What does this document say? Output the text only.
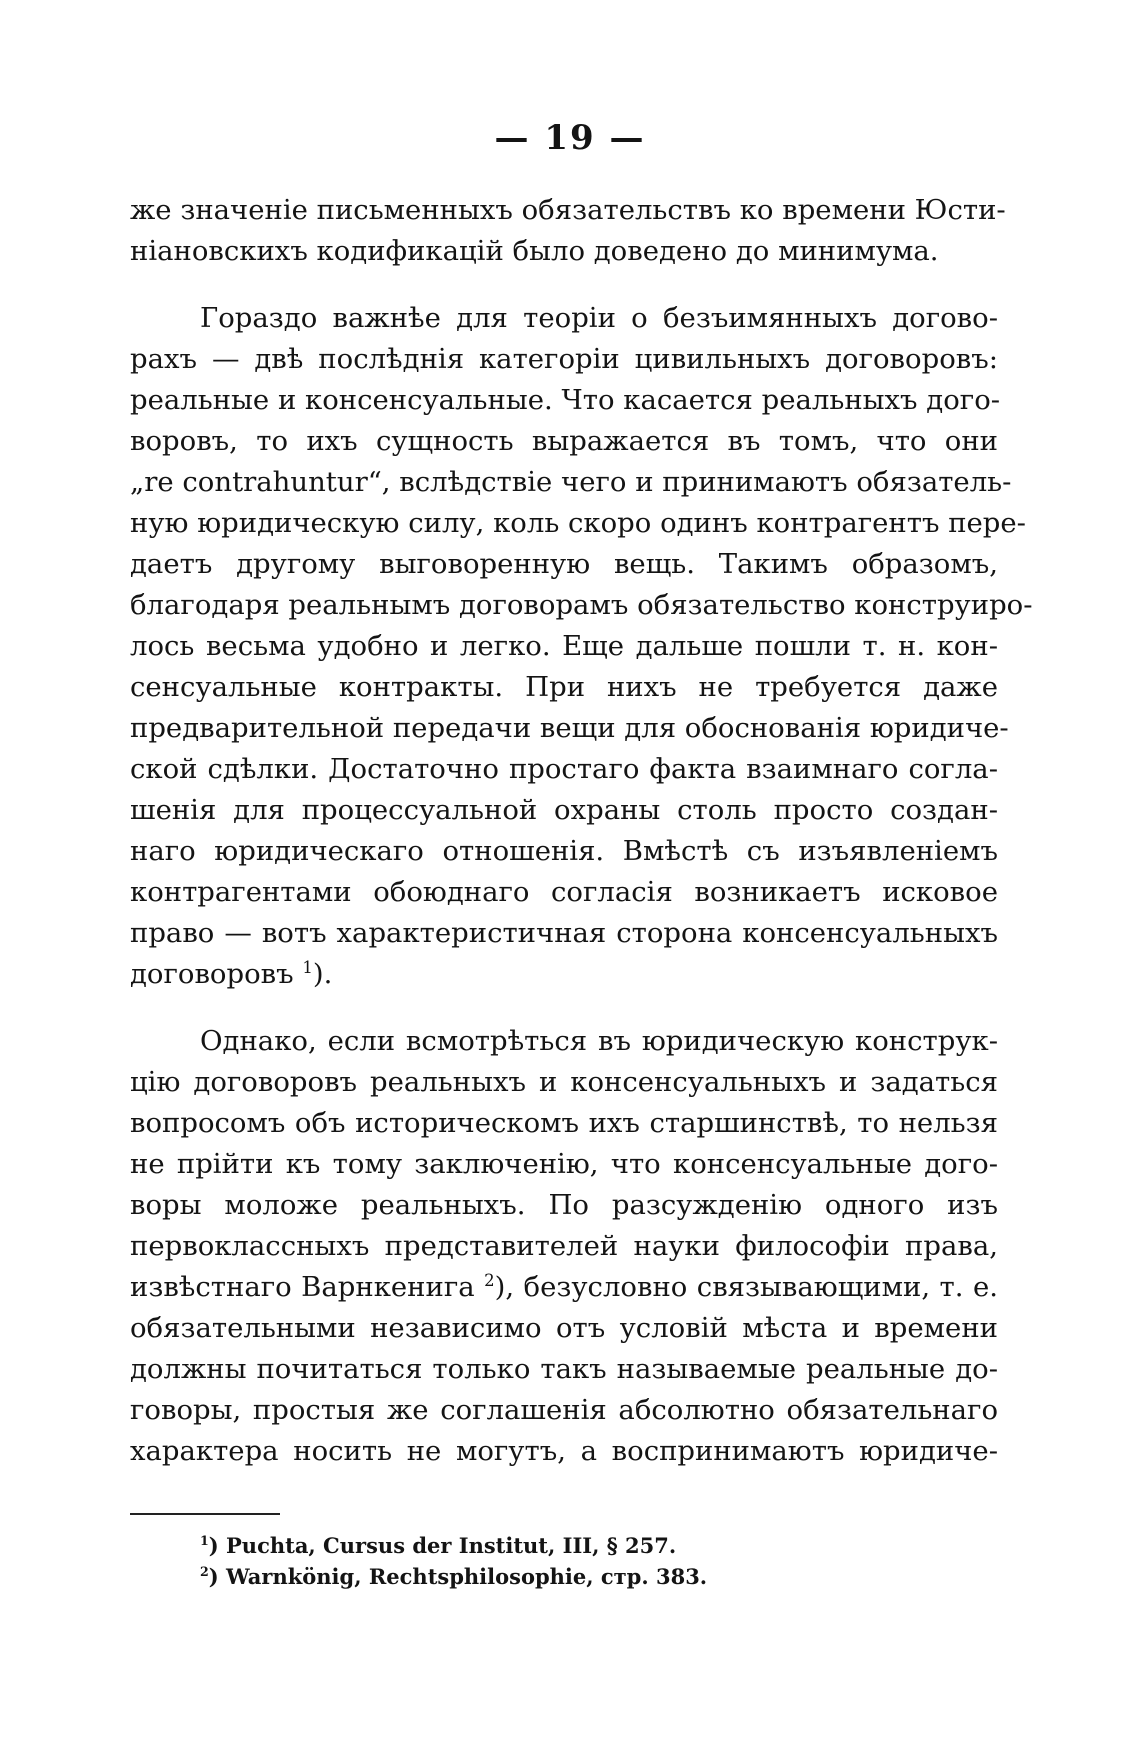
— 19 —

же значеніе письменныхъ обязательствъ ко времени Юсти-
ніановскихъ кодификацій было доведено до минимума.

Гораздо важнѣе для теоріи о безъимянныхъ догово-
рахъ — двѣ послѣднія категоріи цивильныхъ договоровъ:
реальные и консенсуальные. Что касается реальныхъ дого-
воровъ, то ихъ сущность выражается въ томъ, что они
„re contrahuntur“, вслѣдствіе чего и принимаютъ обязатель-
ную юридическую силу, коль скоро одинъ контрагентъ пере-
даетъ другому выговоренную вещь. Такимъ образомъ,
благодаря реальнымъ договорамъ обязательство конструиро-
лось весьма удобно и легко. Еще дальше пошли т. н. кон-
сенсуальные контракты. При нихъ не требуется даже
предварительной передачи вещи для обоснованія юридиче-
ской сдѣлки. Достаточно простаго факта взаимнаго согла-
шенія для процессуальной охраны столь просто создан-
наго юридическаго отношенія. Вмѣстѣ съ изъявленіемъ
контрагентами обоюднаго согласія возникаетъ исковое
право — вотъ характеристичная сторона консенсуальныхъ
договоровъ $^1$).

Однако, если всмотрѣться въ юридическую конструк-
цію договоровъ реальныхъ и консенсуальныхъ и задаться
вопросомъ объ историческомъ ихъ старшинствѣ, то нельзя
не прійти къ тому заключенію, что консенсуальные дого-
воры моложе реальныхъ. По разсужденію одного изъ
первоклассныхъ представителей науки философіи права,
извѣстнаго Варнкенига $^2$), безусловно связывающими, т. е.
обязательными независимо отъ условій мѣста и времени
должны почитаться только такъ называемые реальные до-
говоры, простыя же соглашенія абсолютно обязательнаго
характера носить не могутъ, а воспринимаютъ юридиче-

$^1$) Puchta, Cursus der Institut, III, § 257.
$^2$) Warnkönig, Rechtsphilosophie, стр. 383.
